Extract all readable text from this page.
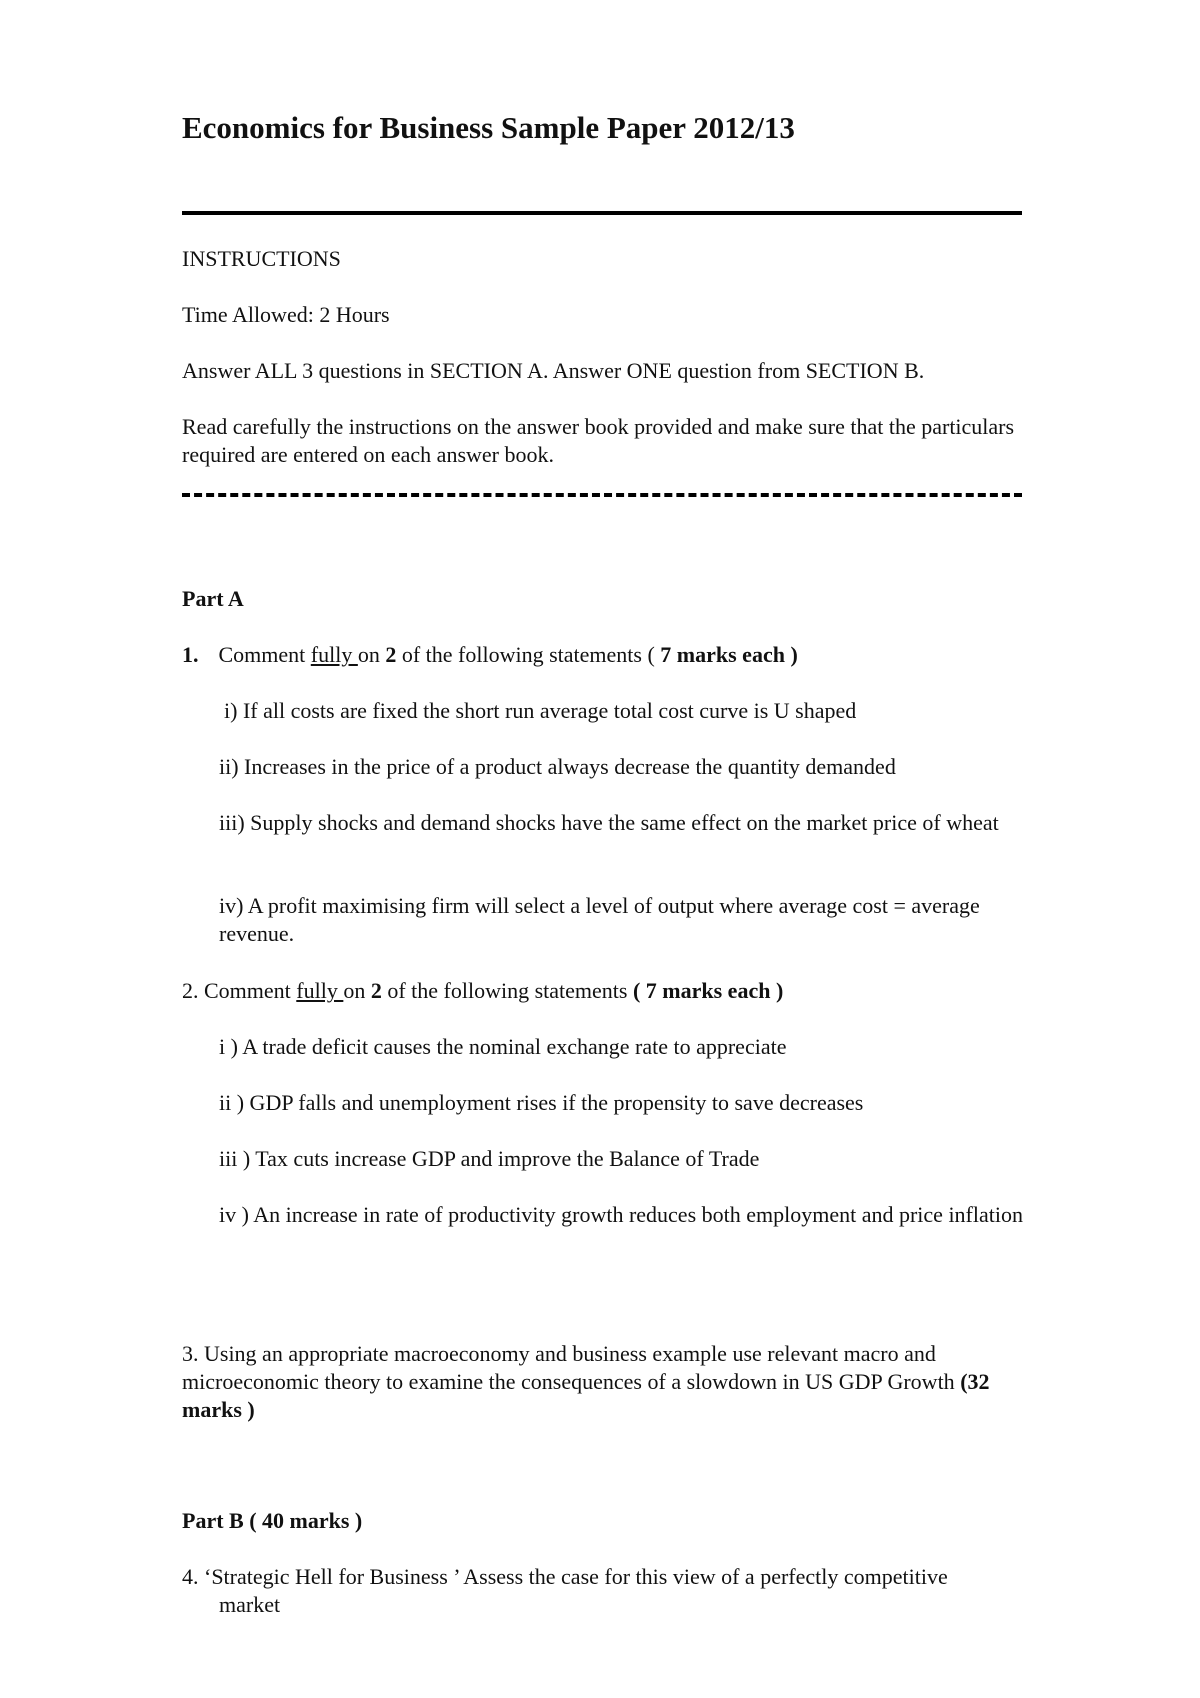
Economics for Business Sample Paper 2012/13
INSTRUCTIONS
Time Allowed: 2 Hours
Answer ALL 3 questions in SECTION A. Answer ONE question from SECTION B.
Read carefully the instructions on the answer book provided and make sure that the particulars required are entered on each answer book.
Part A
1. Comment fully on 2 of the following statements ( 7 marks each )
i) If all costs are fixed the short run average total cost curve is U shaped
ii) Increases in the price of a product always decrease the quantity demanded
iii) Supply shocks and demand shocks have the same effect on the market price of wheat
iv) A profit maximising firm will select a level of output where average cost = average revenue.
2. Comment fully on 2 of the following statements ( 7 marks each )
i ) A trade deficit causes the nominal exchange rate to appreciate
ii ) GDP falls and unemployment rises if the propensity to save decreases
iii ) Tax cuts increase GDP and improve the Balance of Trade
iv ) An increase in rate of productivity growth reduces both employment and price inflation
3. Using an appropriate macroeconomy and business example use relevant macro and microeconomic theory to examine the consequences of a slowdown in US GDP Growth (32 marks )
Part B ( 40 marks )
4. ‘Strategic Hell for Business ’ Assess the case for this view of a perfectly competitive market
